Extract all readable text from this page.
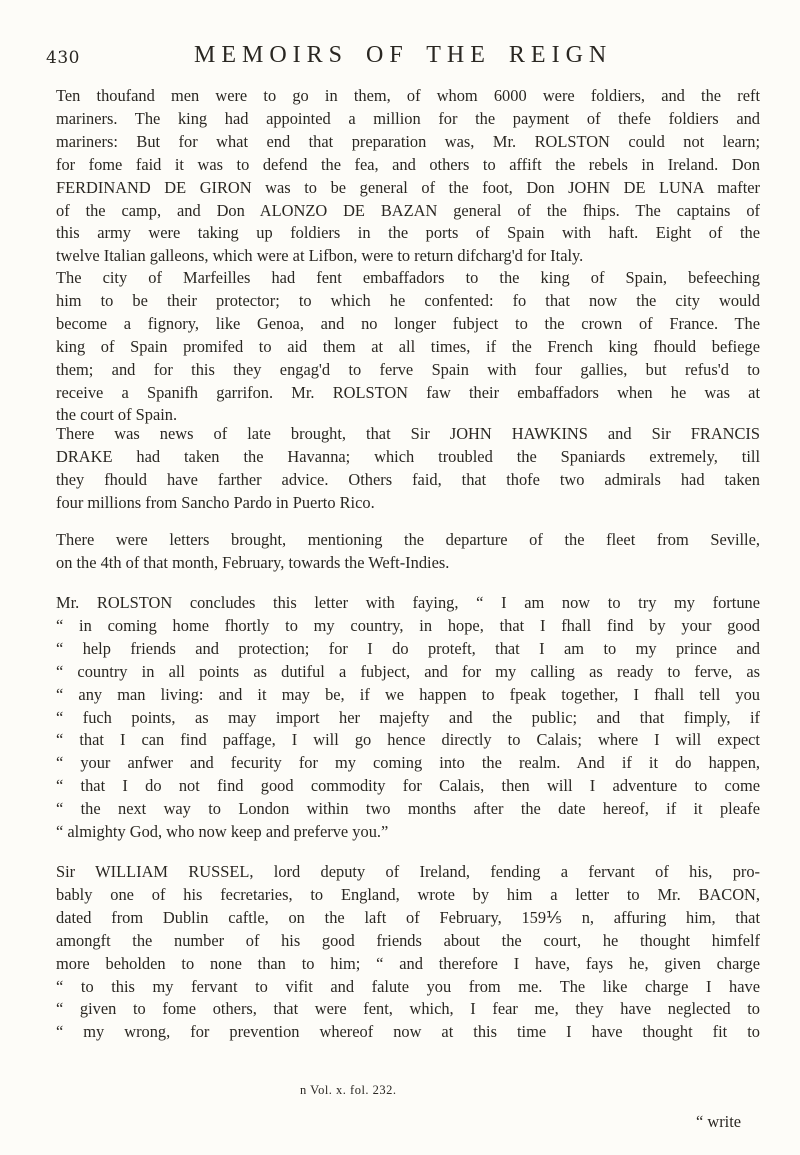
430	MEMOIRS OF THE REIGN
Ten thoufand men were to go in them, of whom 6000 were foldiers, and the reft
mariners. The king had appointed a million for the payment of thefe foldiers and
mariners: But for what end that preparation was, Mr. ROLSTON could not learn;
for fome faid it was to defend the fea, and others to affift the rebels in Ireland. Don
FERDINAND DE GIRON was to be general of the foot, Don JOHN DE LUNA mafter
of the camp, and Don ALONZO DE BAZAN general of the fhips. The captains of
this army were taking up foldiers in the ports of Spain with haft. Eight of the
twelve Italian galleons, which were at Lifbon, were to return difcharg'd for Italy.
The city of Marfeilles had fent embaffadors to the king of Spain, befeeching
him to be their protector; to which he confented: fo that now the city would
become a fignory, like Genoa, and no longer fubject to the crown of France. The
king of Spain promifed to aid them at all times, if the French king fhould befiege
them; and for this they engag'd to ferve Spain with four gallies, but refus'd to
receive a Spanifh garrifon. Mr. ROLSTON faw their embaffadors when he was at
the court of Spain.
There was news of late brought, that Sir JOHN HAWKINS and Sir FRANCIS
DRAKE had taken the Havanna; which troubled the Spaniards extremely, till
they fhould have farther advice. Others faid, that thofe two admirals had taken
four millions from Sancho Pardo in Puerto Rico.
There were letters brought, mentioning the departure of the fleet from Seville,
on the 4th of that month, February, towards the Weft-Indies.
Mr. ROLSTON concludes this letter with faying, “ I am now to try my fortune
“ in coming home fhortly to my country, in hope, that I fhall find by your good
“ help friends and protection; for I do proteft, that I am to my prince and
“ country in all points as dutiful a fubject, and for my calling as ready to ferve, as
“ any man living: and it may be, if we happen to fpeak together, I fhall tell you
“ fuch points, as may import her majefty and the public; and that fimply, if
“ that I can find paffage, I will go hence directly to Calais; where I will expect
“ your anfwer and fecurity for my coming into the realm. And if it do happen,
“ that I do not find good commodity for Calais, then will I adventure to come
“ the next way to London within two months after the date hereof, if it pleafe
“ almighty God, who now keep and preferve you.”
Sir WILLIAM RUSSEL, lord deputy of Ireland, fending a fervant of his, pro-
bably one of his fecretaries, to England, wrote by him a letter to Mr. BACON,
dated from Dublin caftle, on the laft of February, 159⅕ n, affuring him, that
amongft the number of his good friends about the court, he thought himfelf
more beholden to none than to him; “ and therefore I have, fays he, given charge
“ to this my fervant to vifit and falute you from me. The like charge I have
“ given to fome others, that were fent, which, I fear me, they have neglected to
“ my wrong, for prevention whereof now at this time I have thought fit to
n Vol. x. fol. 232.
“ write
